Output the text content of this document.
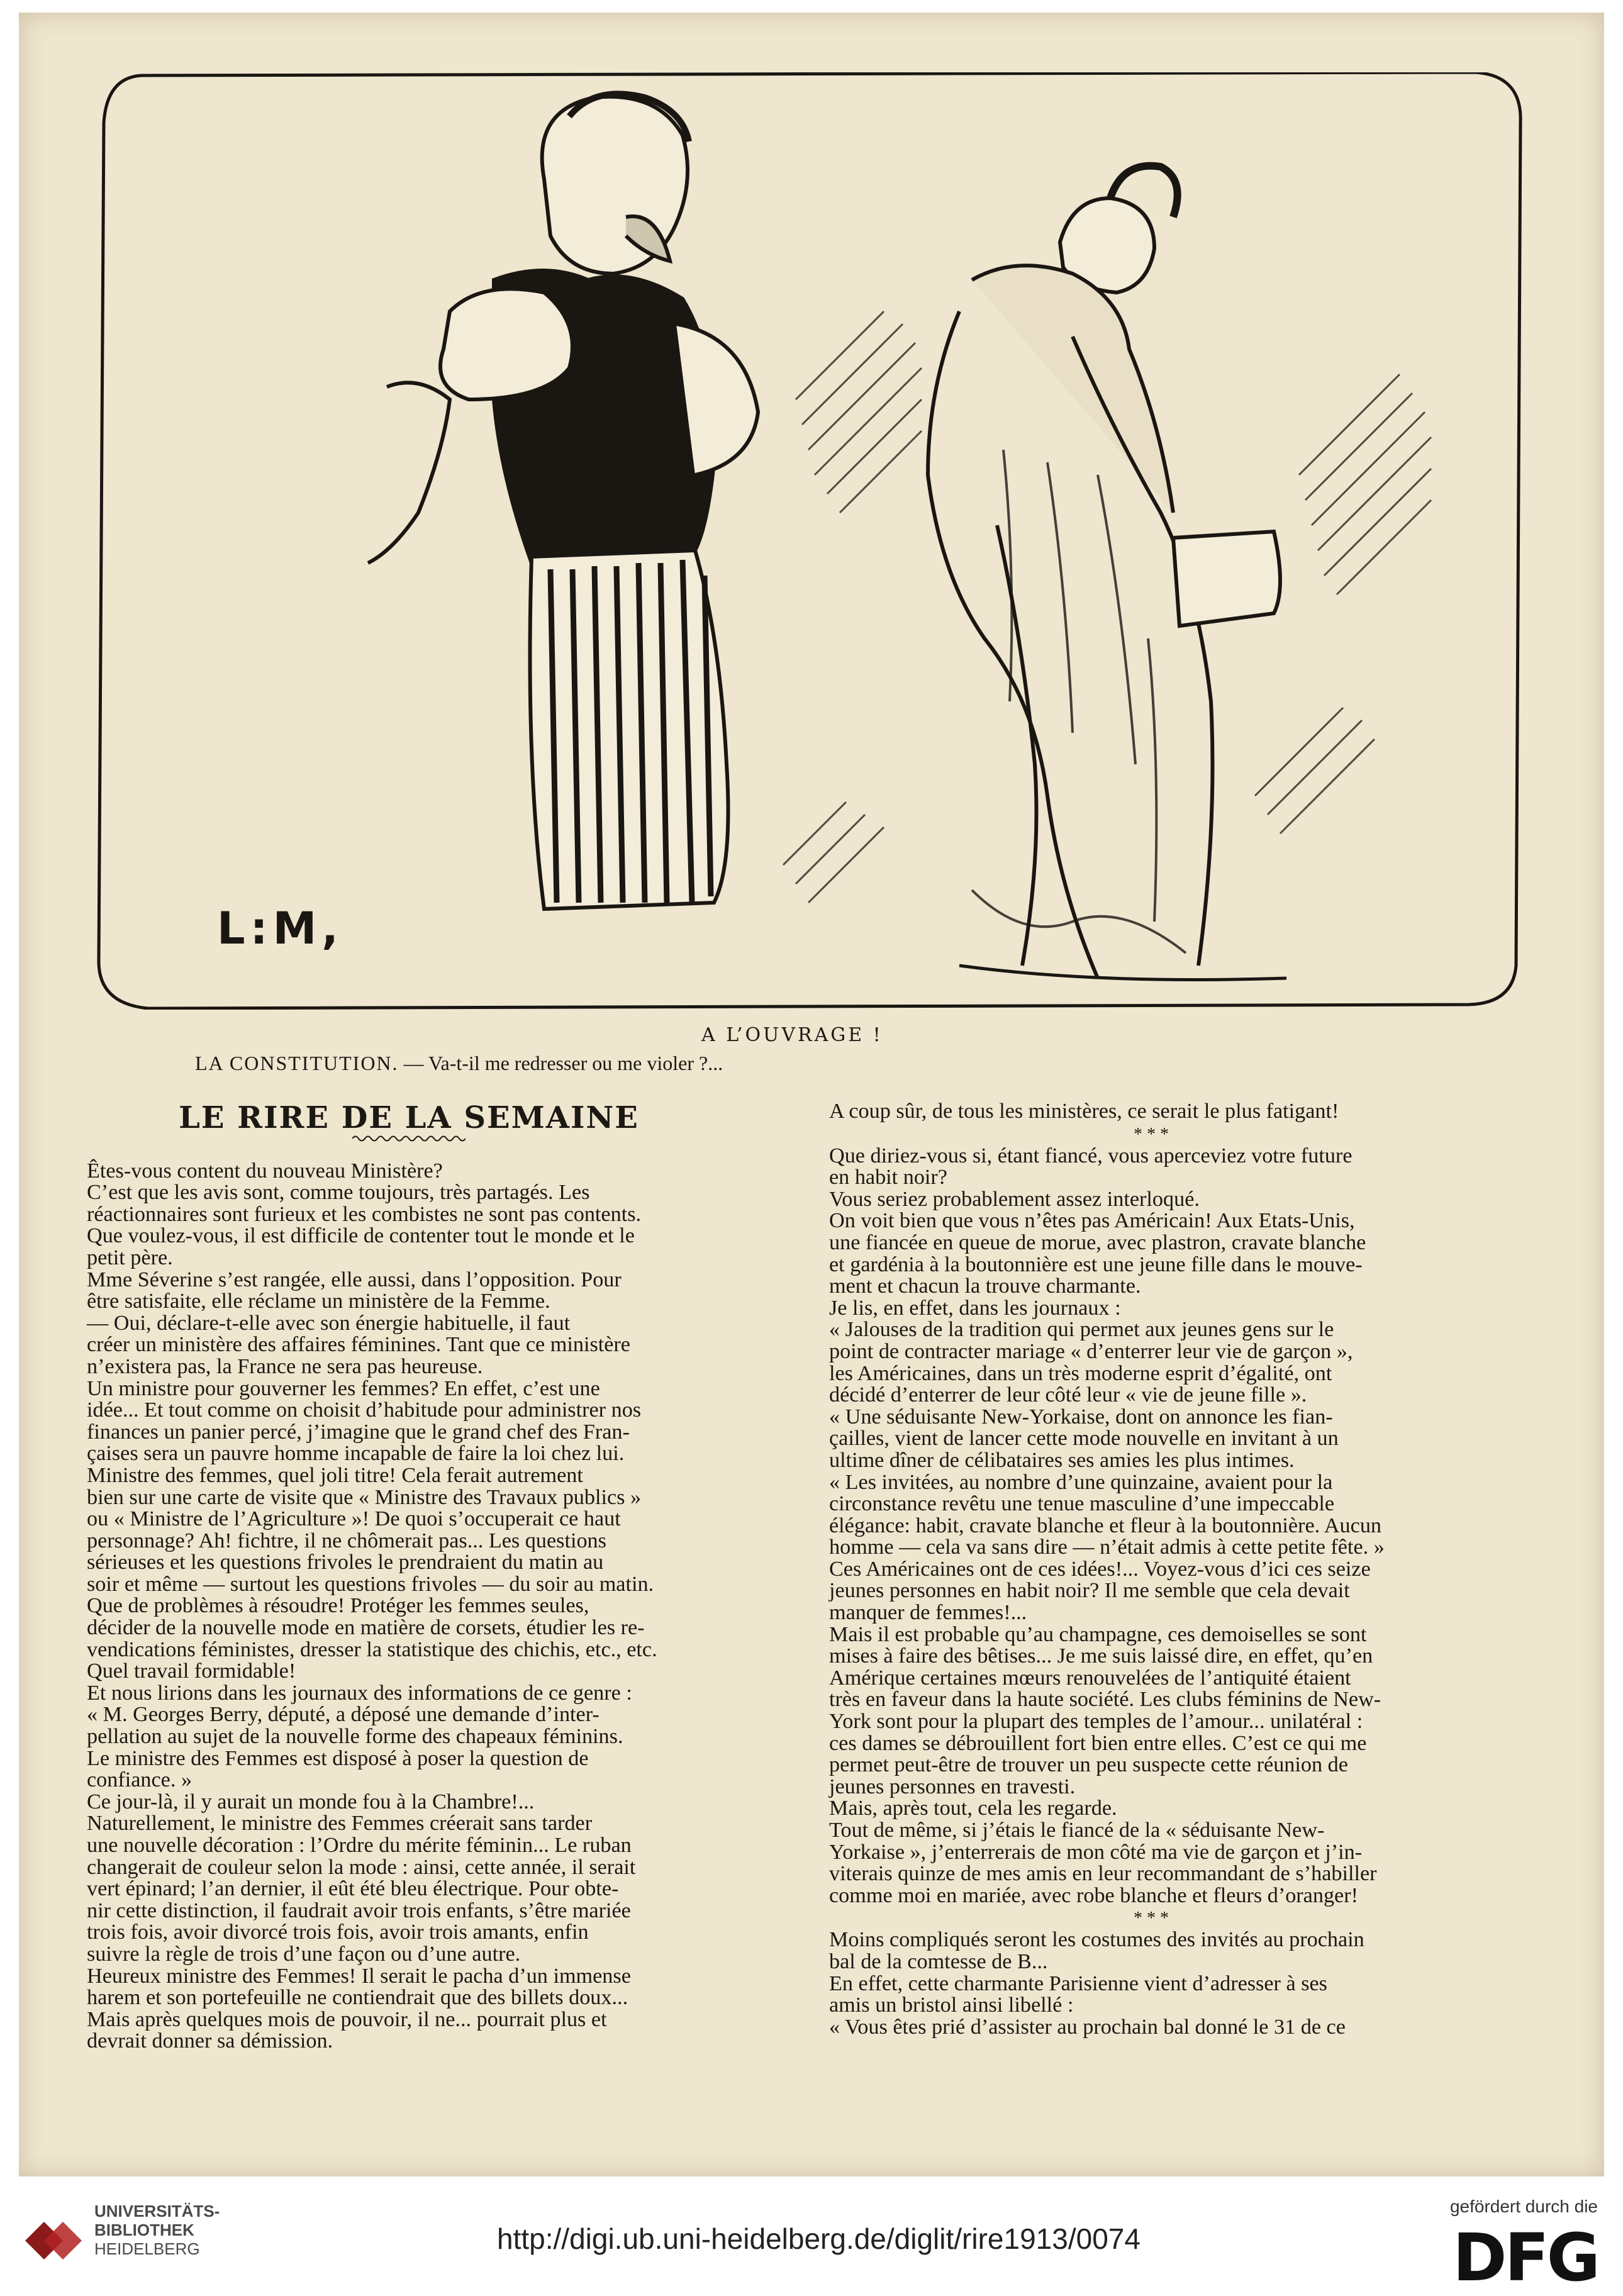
L:M,
A L’OUVRAGE !
LA CONSTITUTION. — Va-t-il me redresser ou me violer ?...
LE RIRE DE LA SEMAINE

Êtes-vous content du nouveau Ministère?

C’est que les avis sont, comme toujours, très partagés. Les
réactionnaires sont furieux et les combistes ne sont pas contents.
Que voulez-vous, il est difficile de contenter tout le monde et le
petit père.

Mme Séverine s’est rangée, elle aussi, dans l’opposition. Pour
être satisfaite, elle réclame un ministère de la Femme.

— Oui, déclare-t-elle avec son énergie habituelle, il faut
créer un ministère des affaires féminines. Tant que ce ministère
n’existera pas, la France ne sera pas heureuse.

Un ministre pour gouverner les femmes? En effet, c’est une
idée... Et tout comme on choisit d’habitude pour administrer nos
finances un panier percé, j’imagine que le grand chef des Fran-
çaises sera un pauvre homme incapable de faire la loi chez lui.

Ministre des femmes, quel joli titre! Cela ferait autrement
bien sur une carte de visite que « Ministre des Travaux publics »
ou « Ministre de l’Agriculture »! De quoi s’occuperait ce haut
personnage? Ah! fichtre, il ne chômerait pas... Les questions
sérieuses et les questions frivoles le prendraient du matin au
soir et même — surtout les questions frivoles — du soir au matin.

Que de problèmes à résoudre! Protéger les femmes seules,
décider de la nouvelle mode en matière de corsets, étudier les re-
vendications féministes, dresser la statistique des chichis, etc., etc.
Quel travail formidable!

Et nous lirions dans les journaux des informations de ce genre :

« M. Georges Berry, député, a déposé une demande d’inter-
pellation au sujet de la nouvelle forme des chapeaux féminins.
Le ministre des Femmes est disposé à poser la question de
confiance. »

Ce jour-là, il y aurait un monde fou à la Chambre!...

Naturellement, le ministre des Femmes créerait sans tarder
une nouvelle décoration : l’Ordre du mérite féminin... Le ruban
changerait de couleur selon la mode : ainsi, cette année, il serait
vert épinard; l’an dernier, il eût été bleu électrique. Pour obte-
nir cette distinction, il faudrait avoir trois enfants, s’être mariée
trois fois, avoir divorcé trois fois, avoir trois amants, enfin
suivre la règle de trois d’une façon ou d’une autre.

Heureux ministre des Femmes! Il serait le pacha d’un immense
harem et son portefeuille ne contiendrait que des billets doux...
Mais après quelques mois de pouvoir, il ne... pourrait plus et
devrait donner sa démission.

A coup sûr, de tous les ministères, ce serait le plus fatigant!

* * *

Que diriez-vous si, étant fiancé, vous aperceviez votre future
en habit noir?

Vous seriez probablement assez interloqué.

On voit bien que vous n’êtes pas Américain! Aux Etats-Unis,
une fiancée en queue de morue, avec plastron, cravate blanche
et gardénia à la boutonnière est une jeune fille dans le mouve-
ment et chacun la trouve charmante.

Je lis, en effet, dans les journaux :

« Jalouses de la tradition qui permet aux jeunes gens sur le
point de contracter mariage « d’enterrer leur vie de garçon »,
les Américaines, dans un très moderne esprit d’égalité, ont
décidé d’enterrer de leur côté leur « vie de jeune fille ».

« Une séduisante New-Yorkaise, dont on annonce les fian-
çailles, vient de lancer cette mode nouvelle en invitant à un
ultime dîner de célibataires ses amies les plus intimes.

« Les invitées, au nombre d’une quinzaine, avaient pour la
circonstance revêtu une tenue masculine d’une impeccable
élégance: habit, cravate blanche et fleur à la boutonnière. Aucun
homme — cela va sans dire — n’était admis à cette petite fête. »

Ces Américaines ont de ces idées!... Voyez-vous d’ici ces seize
jeunes personnes en habit noir? Il me semble que cela devait
manquer de femmes!...

Mais il est probable qu’au champagne, ces demoiselles se sont
mises à faire des bêtises... Je me suis laissé dire, en effet, qu’en
Amérique certaines mœurs renouvelées de l’antiquité étaient
très en faveur dans la haute société. Les clubs féminins de New-
York sont pour la plupart des temples de l’amour... unilatéral :
ces dames se débrouillent fort bien entre elles. C’est ce qui me
permet peut-être de trouver un peu suspecte cette réunion de
jeunes personnes en travesti.

Mais, après tout, cela les regarde.

Tout de même, si j’étais le fiancé de la « séduisante New-
Yorkaise », j’enterrerais de mon côté ma vie de garçon et j’in-
viterais quinze de mes amis en leur recommandant de s’habiller
comme moi en mariée, avec robe blanche et fleurs d’oranger!

* * *

Moins compliqués seront les costumes des invités au prochain
bal de la comtesse de B...

En effet, cette charmante Parisienne vient d’adresser à ses
amis un bristol ainsi libellé :

« Vous êtes prié d’assister au prochain bal donné le 31 de ce

UNIVERSITÄTS-
BIBLIOTHEK
HEIDELBERG	http://digi.ub.uni-heidelberg.de/diglit/rire1913/0074
gefördert durch die
DFG
